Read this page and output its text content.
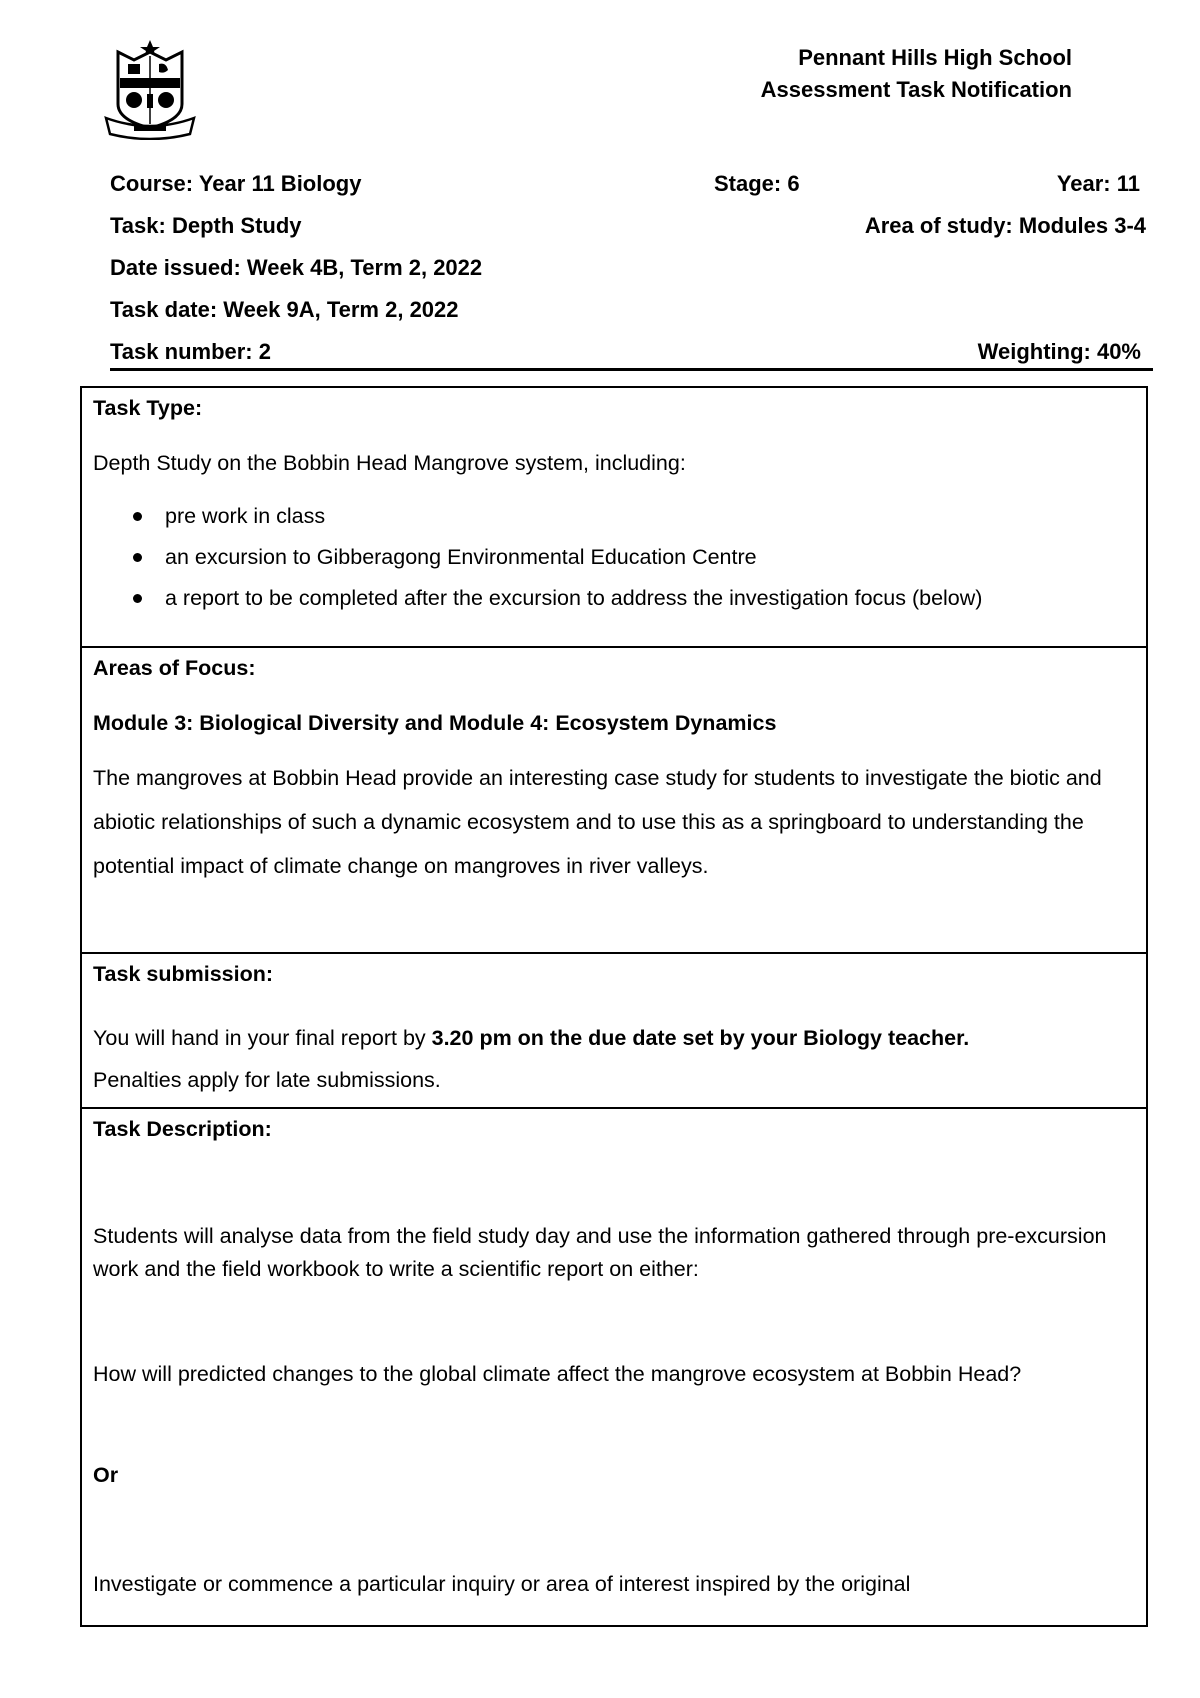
Pennant Hills High School
Assessment Task Notification
Course: Year 11 Biology	Stage: 6	Year: 11
Task: Depth Study	Area of study: Modules 3-4
Date issued: Week 4B, Term 2, 2022
Task date: Week 9A, Term 2, 2022
Task number: 2	Weighting: 40%

Task Type:

Depth Study on the Bobbin Head Mangrove system, including:

pre work in class
an excursion to Gibberagong Environmental Education Centre
a report to be completed after the excursion to address the investigation focus (below)

Areas of Focus:

Module 3: Biological Diversity and Module 4: Ecosystem Dynamics

The mangroves at Bobbin Head provide an interesting case study for students to investigate the biotic and abiotic relationships of such a dynamic ecosystem and to use this as a springboard to understanding the potential impact of climate change on mangroves in river valleys.

Task submission:

You will hand in your final report by 3.20 pm on the due date set by your Biology teacher.
Penalties apply for late submissions.

Task Description:

Students will analyse data from the field study day and use the information gathered through pre-excursion work and the field workbook to write a scientific report on either:

How will predicted changes to the global climate affect the mangrove ecosystem at Bobbin Head?

Or

Investigate or commence a particular inquiry or area of interest inspired by the original
